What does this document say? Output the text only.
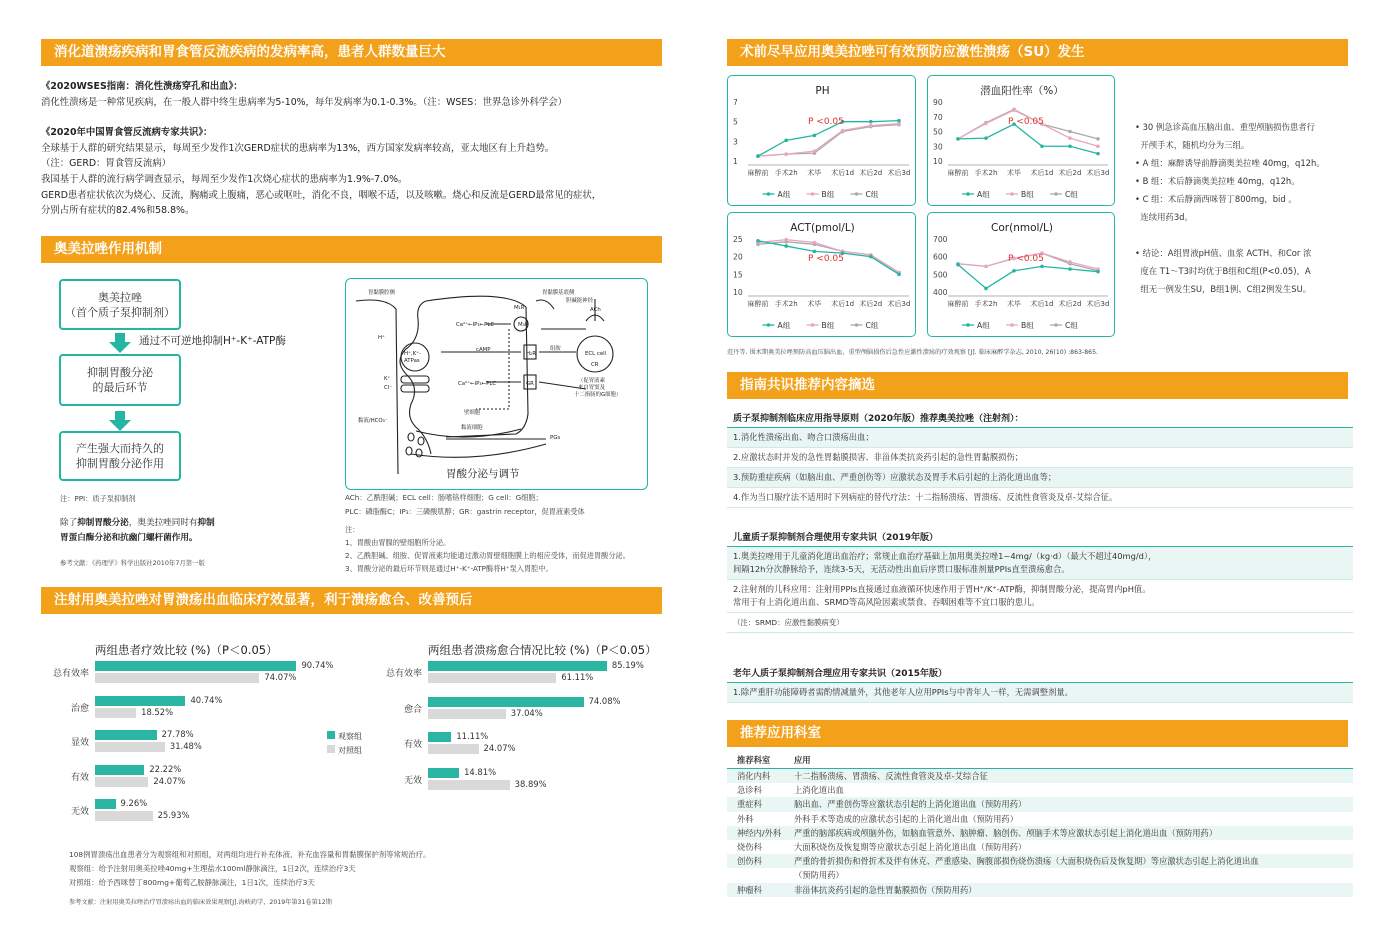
消化道溃疡疾病和胃食管反流疾病的发病率高，患者人群数量巨大
《2020WSES指南：消化性溃疡穿孔和出血》：
消化性溃疡是一种常见疾病，在一般人群中终生患病率为5-10%，每年发病率为0.1-0.3%。（注：WSES：世界急诊外科学会）
《2020年中国胃食管反流病专家共识》：
全球基于人群的研究结果显示，每周至少发作1次GERD症状的患病率为13%，西方国家发病率较高，亚太地区有上升趋势。
（注：GERD：胃食管反流病）
我国基于人群的流行病学调查显示，每周至少发作1次烧心症状的患病率为1.9%-7.0%。
GERD患者症状依次为烧心、反流，胸痛或上腹痛，恶心或呕吐，消化不良，咽喉不适，以及咳嗽。烧心和反流是GERD最常见的症状，
分别占所有症状的82.4%和58.8%。
奥美拉唑作用机制
奥美拉唑
（首个质子泵抑制剂）
通过不可逆地抑制H⁺-K⁺-ATP酶
抑制胃酸分泌
的最后环节
产生强大而持久的
抑制胃酸分泌作用
注：PPI：质子泵抑制剂
除了抑制胃酸分泌，奥美拉唑同时有抑制
胃蛋白酶分泌和抗幽门螺杆菌作用。
参考文献：《药理学》科学出版社2010年7月第一版
胃黏膜腔侧	胃黏膜基底侧
胆碱能神经
ACh
M₁R
M₃R
H₂R
组胺
ECL cell
CR
GR	（促胃液素
来自胃窦及
十二指肠的G细胞）
H⁺,K⁺-
ATPas
cAMP
Ca²⁺←IP₃←PLC
Ca²⁺←IP₃←PLC
H⁺
K⁺
Cl⁻
壁细胞
黏液/HCO₃⁻
黏液细胞
PGs
胃酸分泌与调节
ACh：乙酰胆碱；ECL cell：肠嗜铬样细胞；G cell：G细胞；
PLC：磷脂酶C；IP₃：三磷酸肌醇；GR：gastrin receptor，促胃液素受体
注：
1、胃酸由胃腺的壁细胞所分泌。
2、乙酰胆碱、组胺、促胃液素均能通过激动胃壁细胞膜上的相应受体，而促进胃酸分泌。
3、胃酸分泌的最后环节则是通过H⁺-K⁺-ATP酶将H⁺泵入胃腔中。
注射用奥美拉唑对胃溃疡出血临床疗效显著，利于溃疡愈合、改善预后
两组患者疗效比较 (%)（P＜0.05）
总有效率
90.74%
74.07%
治愈
40.74%
18.52%
显效
27.78%
31.48%
有效
22.22%
24.07%
无效
9.26%
25.93%
观察组
对照组
两组患者溃疡愈合情况比较 (%)（P＜0.05）
总有效率
85.19%
61.11%
愈合
74.08%
37.04%
有效
11.11%
24.07%
无效
14.81%
38.89%
108例胃溃疡出血患者分为观察组和对照组，对两组均进行补充体液、补充血容量和胃黏膜保护剂等常规治疗。
观察组：给予注射用奥美拉唑40mg+生理盐水100ml静脉滴注，1日2次，连续治疗3天
对照组：给予西咪替丁800mg+葡萄乙胺静脉滴注，1日1次，连续治疗3天
参考文献：注射用奥美拉唑治疗胃溃疡出血的临床效果观察[J].海峡药学，2019年第31卷第12期
术前尽早应用奥美拉唑可有效预防应激性溃疡（SU）发生
PH
1
3
5
7
麻醉前 手术2h 术毕 术后1d 术后2d 术后3d
P <0.05
A组	B组	C组
潜血阳性率（%）
10
30
50
70
90
麻醉前 手术2h 术毕 术后1d 术后2d 术后3d
P <0.05
A组	B组	C组
ACT(pmol/L)
10
15
20
25
麻醉前 手术2h 术毕 术后1d 术后2d 术后3d
P <0.05
A组	B组	C组
Cor(nmol/L)
400
500
600
700
麻醉前 手术2h 术毕 术后1d 术后2d 术后3d
P <0.05
A组	B组	C组
• 30 例急诊高血压脑出血、重型颅脑损伤患者行
开颅手术，随机均分为三组。
• A 组：麻醉诱导前静滴奥美拉唑 40mg，q12h。
• B 组：术后静滴奥美拉唑 40mg，q12h。
• C 组：术后静滴西咪替丁800mg，bid 。
连续用药3d。
• 结论：A组胃液pH值、血浆 ACTH、和Cor 浓
度在 T1～T3时均优于B组和C组(P<0.05)，A
组无一例发生SU，B组1例、C组2例发生SU。
范丹等. 围术期奥美拉唑预防高血压脑出血、重型颅脑损伤后急性应激性溃疡的疗效观察 [J]. 临床麻醉学杂志, 2010, 26(10) :863-865.
指南共识推荐内容摘选
推荐应用科室
质子泵抑制剂临床应用指导原则（2020年版）推荐奥美拉唑（注射剂）：
1.消化性溃疡出血、吻合口溃疡出血；
2.应激状态时并发的急性胃黏膜损害、非甾体类抗炎药引起的急性胃黏膜损伤；
3.预防重症疾病（如脑出血、严重创伤等）应激状态及胃手术后引起的上消化道出血等；
4.作为当口服疗法不适用时下列病症的替代疗法：十二指肠溃疡、胃溃疡、反流性食管炎及卓-艾综合征。
儿童质子泵抑制剂合理使用专家共识（2019年版）
1.奥美拉唑用于儿童消化道出血治疗；常规止血治疗基础上加用奥美拉唑1~4mg/（kg·d）（最大不超过40mg/d），
间隔12h分次静脉给予，连续3-5天，无活动性出血后序贯口服标准剂量PPIs直至溃疡愈合。
2.注射剂的儿科应用：注射用PPIs直接通过血液循环快速作用于胃H⁺/K⁺-ATP酶，抑制胃酸分泌，提高胃内pH值。
常用于有上消化道出血、SRMD等高风险因素或禁食、吞咽困难等不宜口服的患儿。
（注：SRMD：应激性黏膜病变）
老年人质子泵抑制剂合理应用专家共识（2015年版）
1.除严重肝功能障碍者需酌情减量外，其他老年人应用PPIs与中青年人一样，无需调整剂量。
推荐科室	应用
消化内科	十二指肠溃疡、胃溃疡、反流性食管炎及卓-艾综合征
急诊科	上消化道出血
重症科	脑出血、严重创伤等应激状态引起的上消化道出血（预防用药）
外科	外科手术等造成的应激状态引起的上消化道出血（预防用药）
神经内/外科	严重的脑部疾病或颅脑外伤，如脑血管意外、脑肿瘤、脑创伤、颅脑手术等应激状态引起上消化道出血（预防用药）
烧伤科	大面积烧伤及恢复期等应激状态引起上消化道出血（预防用药）
创伤科	严重的骨折损伤和骨折术及伴有休克、严重感染、胸腹部损伤烧伤溃疡（大面积烧伤后及恢复期）等应激状态引起上消化道出血
（预防用药）
肿瘤科	非甾体抗炎药引起的急性胃黏膜损伤（预防用药）
